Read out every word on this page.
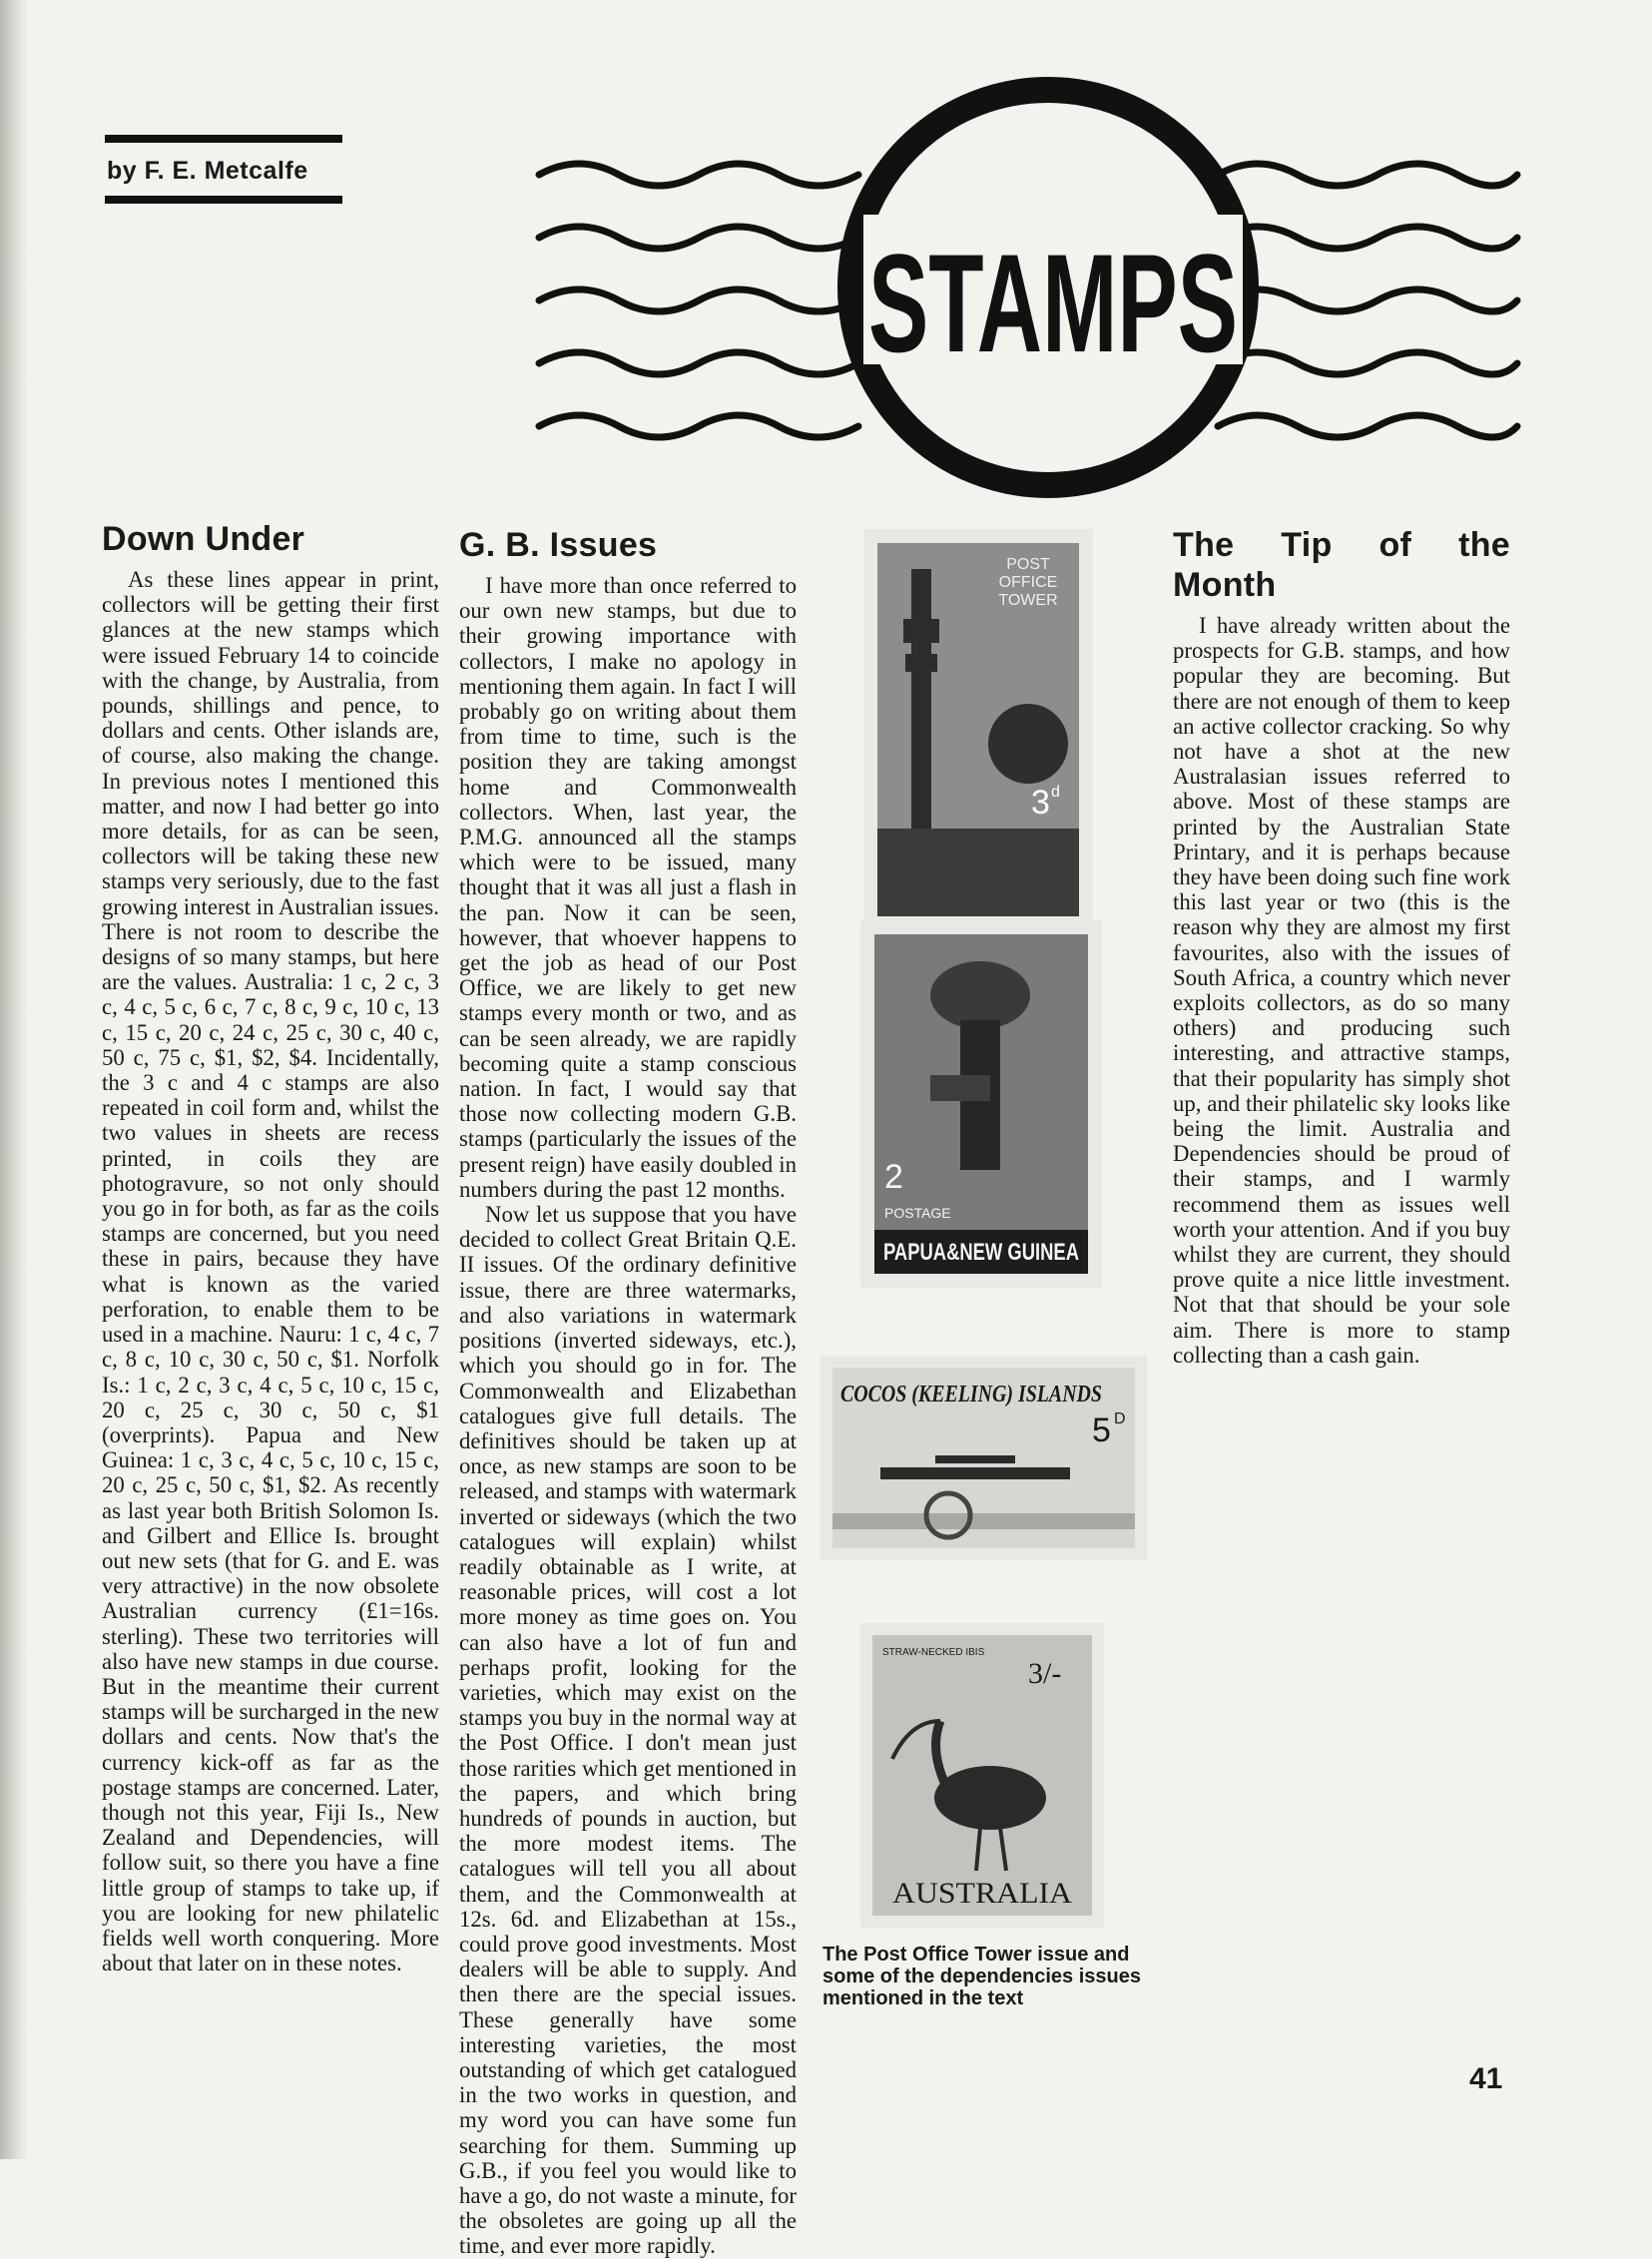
by F. E. Metcalfe
STAMPS
Down Under

As these lines appear in print, collectors will be getting their first glances at the new stamps which were issued February 14 to coincide with the change, by Australia, from pounds, shillings and pence, to dollars and cents. Other islands are, of course, also making the change. In previous notes I mentioned this matter, and now I had better go into more details, for as can be seen, collectors will be taking these new stamps very seriously, due to the fast growing interest in Australian issues. There is not room to describe the designs of so many stamps, but here are the values. Australia: 1 c, 2 c, 3 c, 4 c, 5 c, 6 c, 7 c, 8 c, 9 c, 10 c, 13 c, 15 c, 20 c, 24 c, 25 c, 30 c, 40 c, 50 c, 75 c, $1, $2, $4. Incidentally, the 3 c and 4 c stamps are also repeated in coil form and, whilst the two values in sheets are recess printed, in coils they are photogravure, so not only should you go in for both, as far as the coils stamps are concerned, but you need these in pairs, because they have what is known as the varied perforation, to enable them to be used in a machine. Nauru: 1 c, 4 c, 7 c, 8 c, 10 c, 30 c, 50 c, $1. Norfolk Is.: 1 c, 2 c, 3 c, 4 c, 5 c, 10 c, 15 c, 20 c, 25 c, 30 c, 50 c, $1 (overprints). Papua and New Guinea: 1 c, 3 c, 4 c, 5 c, 10 c, 15 c, 20 c, 25 c, 50 c, $1, $2. As recently as last year both British Solomon Is. and Gilbert and Ellice Is. brought out new sets (that for G. and E. was very attractive) in the now obsolete Australian currency (£1=16s. sterling). These two territories will also have new stamps in due course. But in the meantime their current stamps will be surcharged in the new dollars and cents. Now that's the currency kick-off as far as the postage stamps are concerned. Later, though not this year, Fiji Is., New Zealand and Dependencies, will follow suit, so there you have a fine little group of stamps to take up, if you are looking for new philatelic fields well worth conquering. More about that later on in these notes.

G. B. Issues

I have more than once referred to our own new stamps, but due to their growing importance with collectors, I make no apology in mentioning them again. In fact I will probably go on writing about them from time to time, such is the position they are taking amongst home and Commonwealth collectors. When, last year, the P.M.G. announced all the stamps which were to be issued, many thought that it was all just a flash in the pan. Now it can be seen, however, that whoever happens to get the job as head of our Post Office, we are likely to get new stamps every month or two, and as can be seen already, we are rapidly becoming quite a stamp conscious nation. In fact, I would say that those now collecting modern G.B. stamps (particularly the issues of the present reign) have easily doubled in numbers during the past 12 months.

Now let us suppose that you have decided to collect Great Britain Q.E. II issues. Of the ordinary definitive issue, there are three watermarks, and also variations in watermark positions (inverted sideways, etc.), which you should go in for. The Commonwealth and Elizabethan catalogues give full details. The definitives should be taken up at once, as new stamps are soon to be released, and stamps with watermark inverted or sideways (which the two catalogues will explain) whilst readily obtainable as I write, at reasonable prices, will cost a lot more money as time goes on. You can also have a lot of fun and perhaps profit, looking for the varieties, which may exist on the stamps you buy in the normal way at the Post Office. I don't mean just those rarities which get mentioned in the papers, and which bring hundreds of pounds in auction, but the more modest items. The catalogues will tell you all about them, and the Commonwealth at 12s. 6d. and Elizabethan at 15s., could prove good investments. Most dealers will be able to supply. And then there are the special issues. These generally have some interesting varieties, the most outstanding of which get catalogued in the two works in question, and my word you can have some fun searching for them. Summing up G.B., if you feel you would like to have a go, do not waste a minute, for the obsoletes are going up all the time, and ever more rapidly.

The Tip of the Month

I have already written about the prospects for G.B. stamps, and how popular they are becoming. But there are not enough of them to keep an active collector cracking. So why not have a shot at the new Australasian issues referred to above. Most of these stamps are printed by the Australian State Printary, and it is perhaps because they have been doing such fine work this last year or two (this is the reason why they are almost my first favourites, also with the issues of South Africa, a country which never exploits collectors, as do so many others) and producing such interesting, and attractive stamps, that their popularity has simply shot up, and their philatelic sky looks like being the limit. Australia and Dependencies should be proud of their stamps, and I warmly recommend them as issues well worth your attention. And if you buy whilst they are current, they should prove quite a nice little investment. Not that that should be your sole aim. There is more to stamp collecting than a cash gain.

POST
OFFICE
TOWER
3 d
2
POSTAGE
PAPUA&NEW GUINEA
COCOS (KEELING) ISLANDS
5 D
STRAW-NECKED IBIS
3/-
AUSTRALIA
The Post Office Tower issue and some of the dependencies issues mentioned in the text
41
